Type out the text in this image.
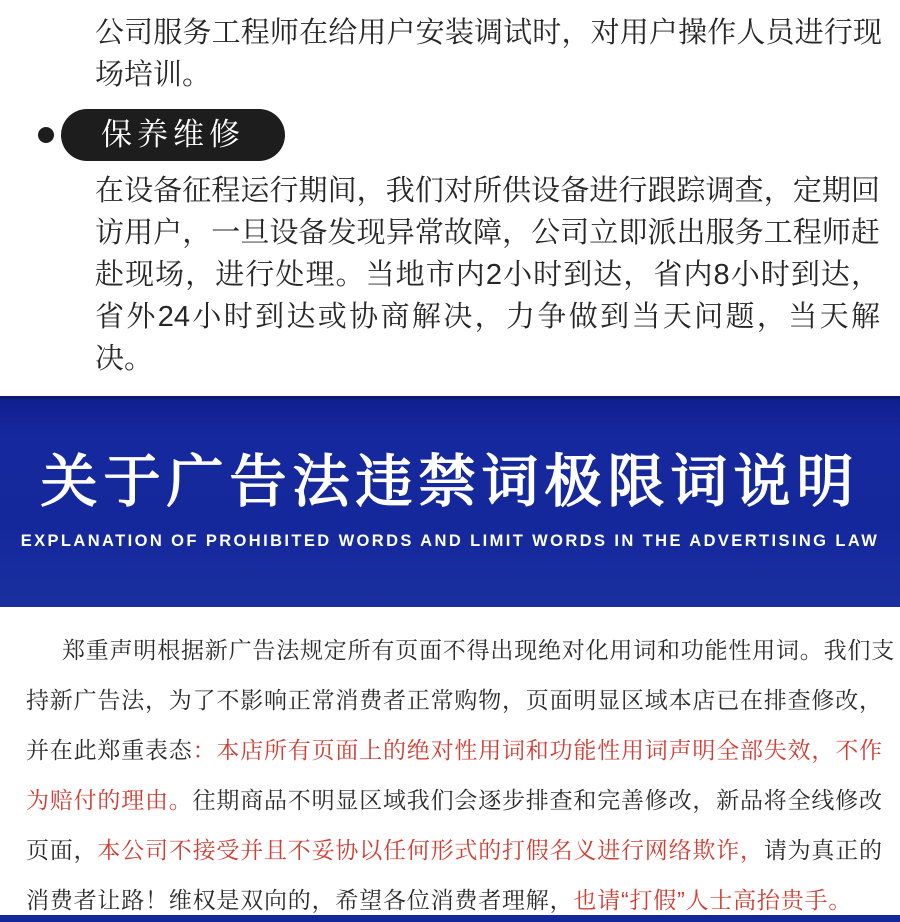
公司服务工程师在给用户安装调试时，对用户操作人员进行现场培训。
保养维修
在设备征程运行期间，我们对所供设备进行跟踪调查，定期回访用户，一旦设备发现异常故障，公司立即派出服务工程师赶赴现场，进行处理。当地市内2小时到达，省内8小时到达，省外24小时到达或协商解决，力争做到当天问题，当天解决。
关于广告法违禁词极限词说明
EXPLANATION OF PROHIBITED WORDS AND LIMIT WORDS IN THE ADVERTISING LAW
郑重声明根据新广告法规定所有页面不得出现绝对化用词和功能性用词。我们支
持新广告法，为了不影响正常消费者正常购物，页面明显区域本店已在排查修改，
并在此郑重表态：本店所有页面上的绝对性用词和功能性用词声明全部失效，不作
为赔付的理由。往期商品不明显区域我们会逐步排查和完善修改，新品将全线修改
页面，本公司不接受并且不妥协以任何形式的打假名义进行网络欺诈，请为真正的
消费者让路！维权是双向的，希望各位消费者理解，也请“打假”人士高抬贵手。
